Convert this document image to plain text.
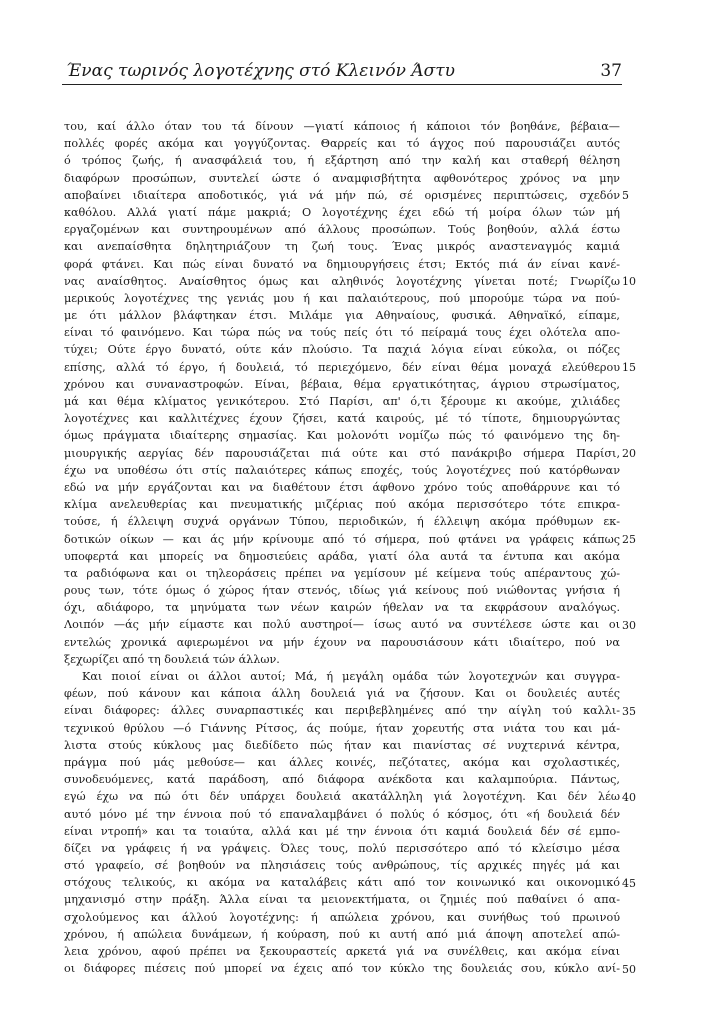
Ένας τωρινός λογοτέχνης στό Κλεινόν Άστυ	37
του, καί άλλο όταν του τά δίνουν —γιατί κάποιος ή κάποιοι τόν βοηθάνε, βέβαια—
πολλές φορές ακόμα και γογγύζοντας. Θαρρείς και τό άγχος πού παρουσιάζει αυτός
ό τρόπος ζωής, ή ανασφάλειά του, ή εξάρτηση από την καλή και σταθερή θέληση
διαφόρων προσώπων, συντελεί ώστε ό αναμφισβήτητα αφθονότερος χρόνος να μην
αποβαίνει ιδιαίτερα αποδοτικός, γιά νά μήν πώ, σέ ορισμένες περιπτώσεις, σχεδόν
καθόλου. Αλλά γιατί πάμε μακριά; Ο λογοτέχνης έχει εδώ τή μοίρα όλων τών μή
εργαζομένων και συντηρουμένων από άλλους προσώπων. Τούς βοηθούν, αλλά έστω
και ανεπαίσθητα δηλητηριάζουν τη ζωή τους. Ένας μικρός αναστεναγμός καμιά
φορά φτάνει. Και πώς είναι δυνατό να δημιουργήσεις έτσι; Εκτός πιά άν είναι κανέ-
νας αναίσθητος. Αναίσθητος όμως και αληθινός λογοτέχνης γίνεται ποτέ; Γνωρίζω
μερικούς λογοτέχνες της γενιάς μου ή και παλαιότερους, πού μπορούμε τώρα να πού-
με ότι μάλλον βλάφτηκαν έτσι. Μιλάμε για Αθηναίους, φυσικά. Αθηναϊκό, είπαμε,
είναι τό φαινόμενο. Και τώρα πώς να τούς πείς ότι τό πείραμά τους έχει ολότελα απο-
τύχει; Ούτε έργο δυνατό, ούτε κάν πλούσιο. Τα παχιά λόγια είναι εύκολα, οι πόζες
επίσης, αλλά τό έργο, ή δουλειά, τό περιεχόμενο, δέν είναι θέμα μοναχά ελεύθερου
χρόνου και συναναστροφών. Είναι, βέβαια, θέμα εργατικότητας, άγριου στρωσίματος,
μά και θέμα κλίματος γενικότερου. Στό Παρίσι, απ' ό,τι ξέρουμε κι ακούμε, χιλιάδες
λογοτέχνες και καλλιτέχνες έχουν ζήσει, κατά καιρούς, μέ τό τίποτε, δημιουργώντας
όμως πράγματα ιδιαίτερης σημασίας. Και μολονότι νομίζω πώς τό φαινόμενο της δη-
μιουργικής αεργίας δέν παρουσιάζεται πιά ούτε και στό πανάκριβο σήμερα Παρίσι,
έχω να υποθέσω ότι στίς παλαιότερες κάπως εποχές, τούς λογοτέχνες πού κατόρθωναν
εδώ να μήν εργάζονται και να διαθέτουν έτσι άφθονο χρόνο τούς αποθάρρυνε και τό
κλίμα ανελευθερίας και πνευματικής μιζέριας πού ακόμα περισσότερο τότε επικρα-
τούσε, ή έλλειψη συχνά οργάνων Τύπου, περιοδικών, ή έλλειψη ακόμα πρόθυμων εκ-
δοτικών οίκων — και άς μήν κρίνουμε από τό σήμερα, πού φτάνει να γράφεις κάπως
υποφερτά και μπορείς να δημοσιεύεις αράδα, γιατί όλα αυτά τα έντυπα και ακόμα
τα ραδιόφωνα και οι τηλεοράσεις πρέπει να γεμίσουν μέ κείμενα τούς απέραντους χώ-
ρους των, τότε όμως ό χώρος ήταν στενός, ιδίως γιά κείνους πού νιώθοντας γνήσια ή
όχι, αδιάφορο, τα μηνύματα των νέων καιρών ήθελαν να τα εκφράσουν αναλόγως.
Λοιπόν —άς μήν είμαστε και πολύ αυστηροί— ίσως αυτό να συντέλεσε ώστε και οι
εντελώς χρονικά αφιερωμένοι να μήν έχουν να παρουσιάσουν κάτι ιδιαίτερο, πού να
ξεχωρίζει από τη δουλειά τών άλλων.
Και ποιοί είναι οι άλλοι αυτοί; Μά, ή μεγάλη ομάδα τών λογοτεχνών και συγγρα-
φέων, πού κάνουν και κάποια άλλη δουλειά γιά να ζήσουν. Και οι δουλειές αυτές
είναι διάφορες: άλλες συναρπαστικές και περιβεβλημένες από την αίγλη τού καλλι-
τεχνικού θρύλου —ό Γιάννης Ρίτσος, άς πούμε, ήταν χορευτής στα νιάτα του και μά-
λιστα στούς κύκλους μας διεδίδετο πώς ήταν και πιανίστας σέ νυχτερινά κέντρα,
πράγμα πού μάς μεθούσε— και άλλες κοινές, πεζότατες, ακόμα και σχολαστικές,
συνοδευόμενες, κατά παράδοση, από διάφορα ανέκδοτα και καλαμπούρια. Πάντως,
εγώ έχω να πώ ότι δέν υπάρχει δουλειά ακατάλληλη γιά λογοτέχνη. Και δέν λέω
αυτό μόνο μέ την έννοια πού τό επαναλαμβάνει ό πολύς ό κόσμος, ότι «ή δουλειά δέν
είναι ντροπή» και τα τοιαύτα, αλλά και μέ την έννοια ότι καμιά δουλειά δέν σέ εμπο-
δίζει να γράφεις ή να γράψεις. Όλες τους, πολύ περισσότερο από τό κλείσιμο μέσα
στό γραφείο, σέ βοηθούν να πλησιάσεις τούς ανθρώπους, τίς αρχικές πηγές μά και
στόχους τελικούς, κι ακόμα να καταλάβεις κάτι από τον κοινωνικό και οικονομικό
μηχανισμό στην πράξη. Άλλα είναι τα μειονεκτήματα, οι ζημιές πού παθαίνει ό απα-
σχολούμενος και άλλού λογοτέχνης: ή απώλεια χρόνου, και συνήθως τού πρωινού
χρόνου, ή απώλεια δυνάμεων, ή κούραση, πού κι αυτή από μιά άποψη αποτελεί απώ-
λεια χρόνου, αφού πρέπει να ξεκουραστείς αρκετά γιά να συνέλθεις, και ακόμα είναι
οι διάφορες πιέσεις πού μπορεί να έχεις από τον κύκλο της δουλειάς σου, κύκλο ανί-
5
10
15
20
25
30
35
40
45
50
